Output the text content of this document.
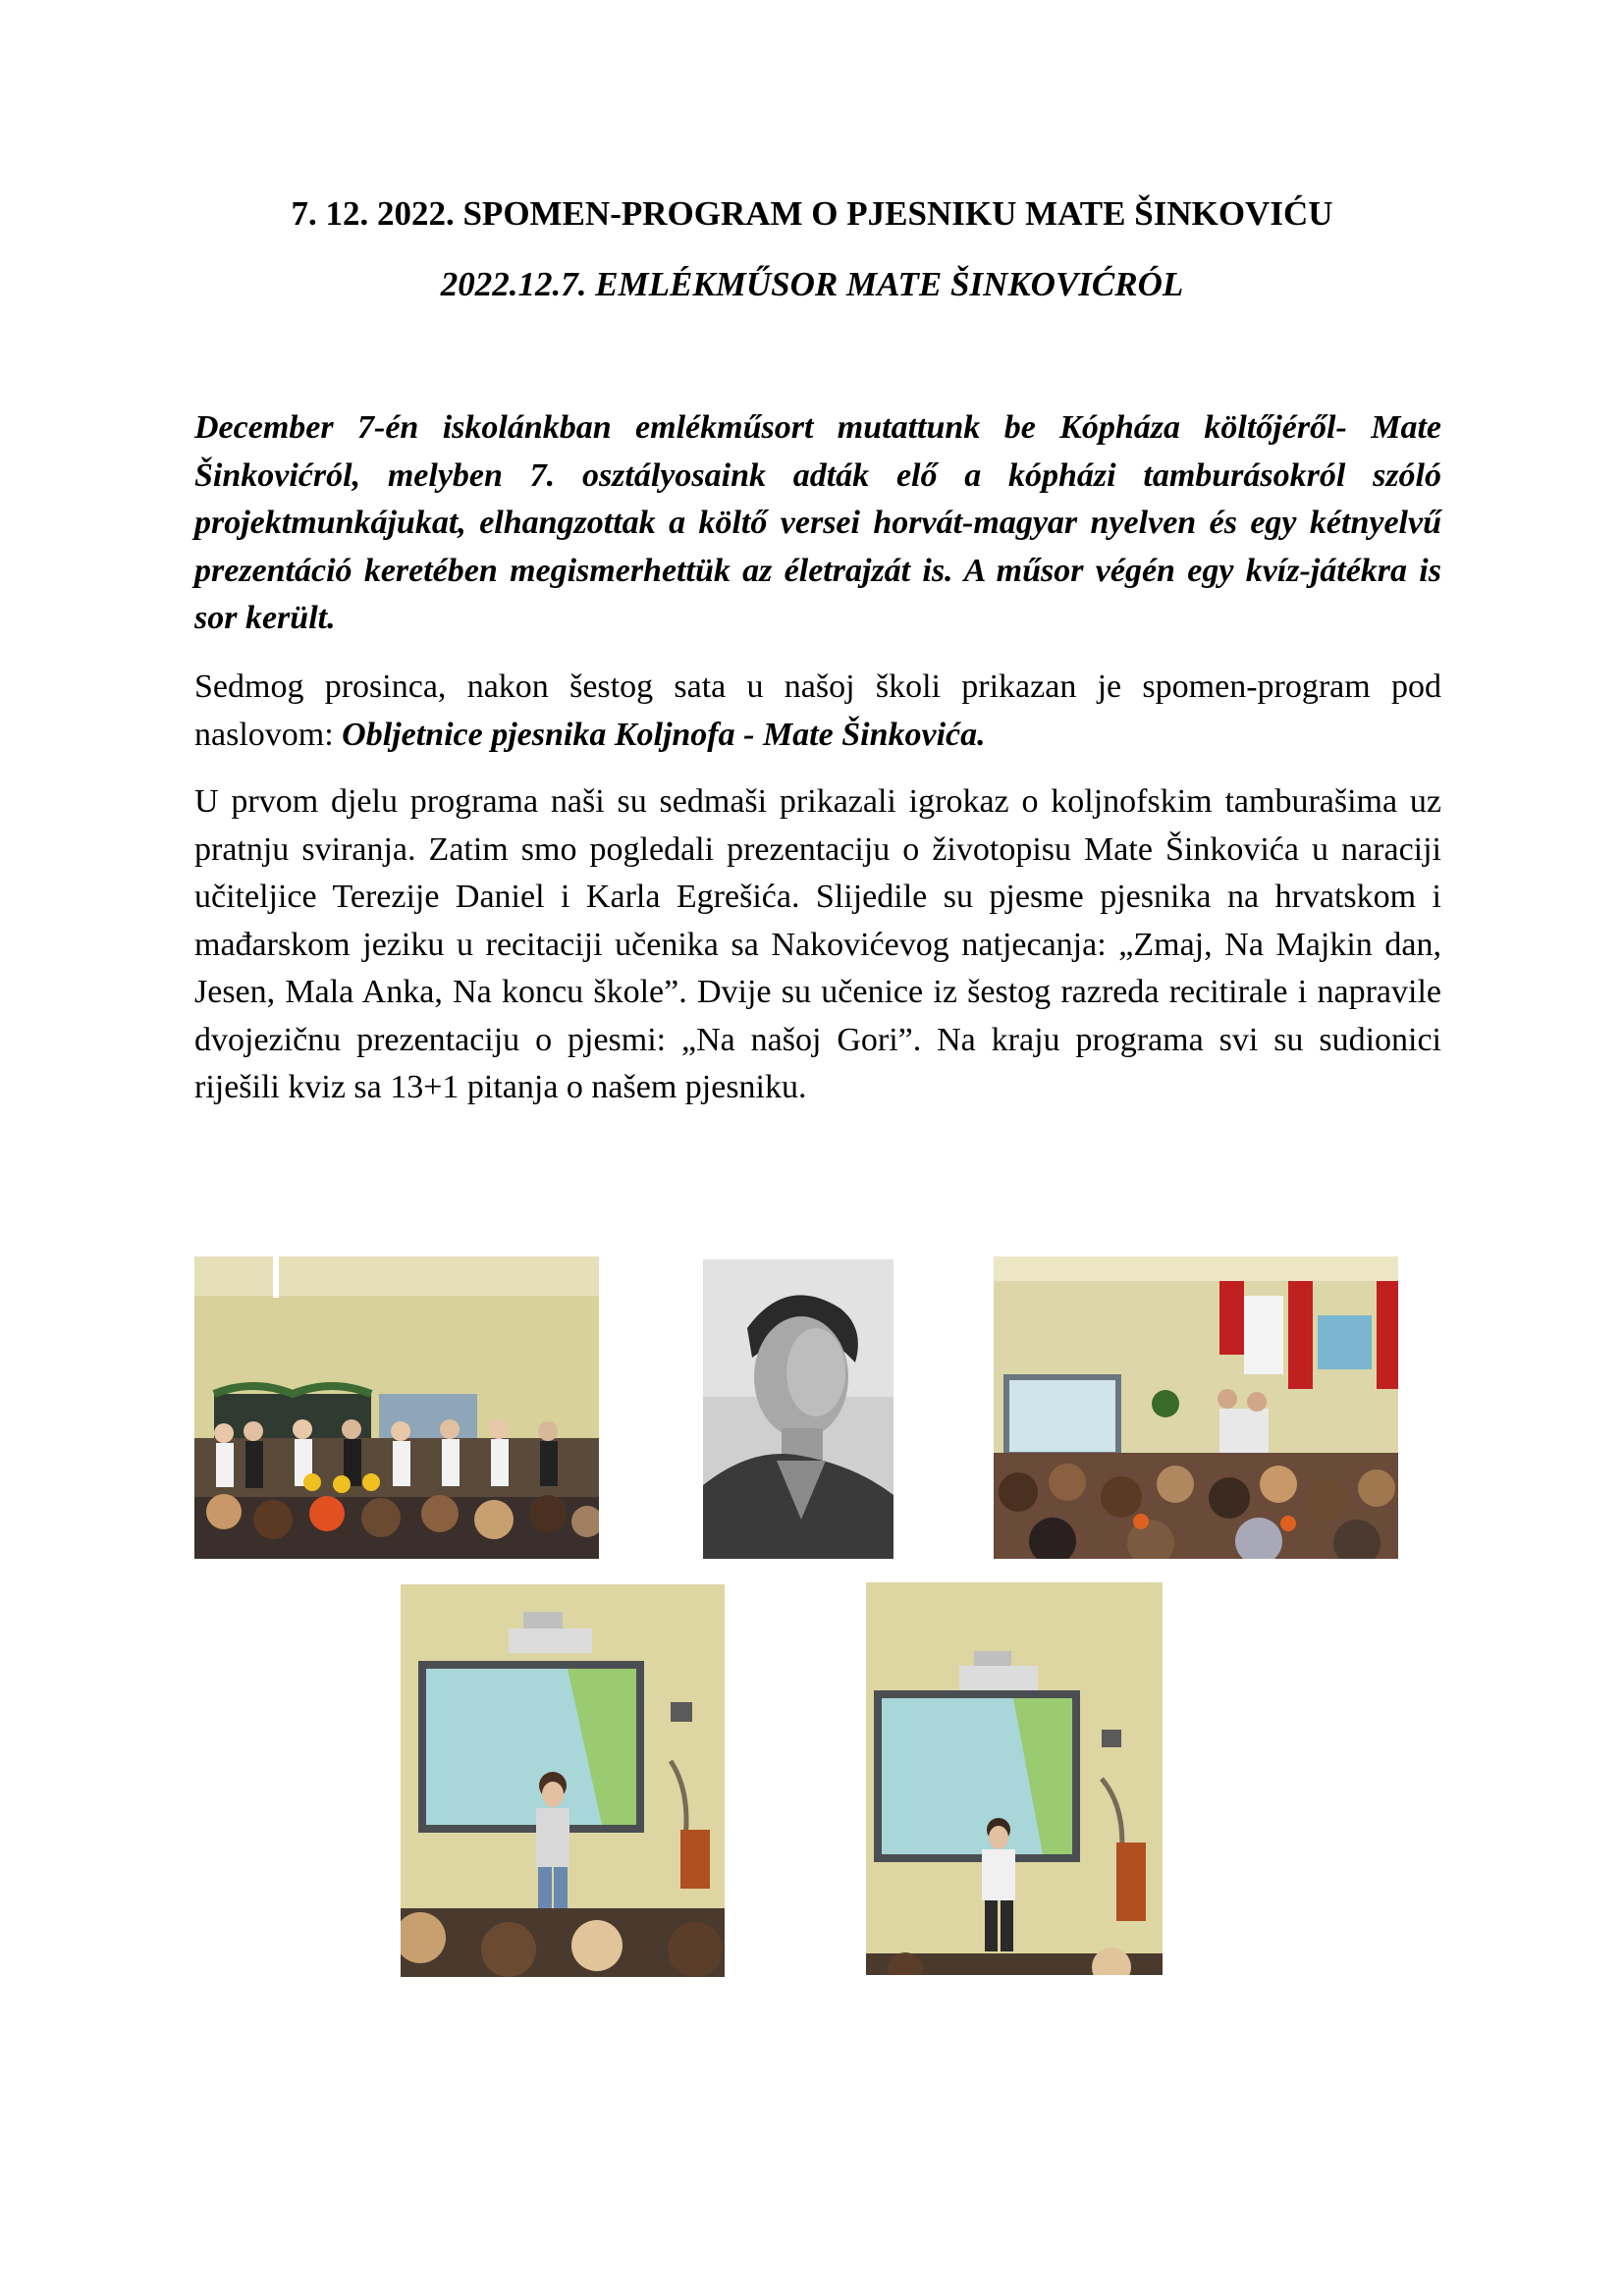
7. 12. 2022. SPOMEN-PROGRAM O PJESNIKU MATE ŠINKOVIĆU
2022.12.7. EMLÉKMŰSOR MATE ŠINKOVIĆRÓL
December 7-én iskolánkban emlékműsort mutattunk be Kópháza költőjéről- Mate Šinkovićról, melyben 7. osztályosaink adták elő a kópházi tamburásokról szóló projektmunkájukat, elhangzottak a költő versei horvát-magyar nyelven és egy kétnyelvű prezentáció keretében megismerhettük az életrajzát is. A műsor végén egy kvíz-játékra is sor került.
Sedmog prosinca, nakon šestog sata u našoj školi prikazan je spomen-program pod naslovom: Obljetnice pjesnika Koljnofa - Mate Šinkovića.
U prvom djelu programa naši su sedmaši prikazali igrokaz o koljnofskim tamburašima uz pratnju sviranja. Zatim smo pogledali prezentaciju o životopisu Mate Šinkovića u naraciji učiteljice Terezije Daniel i Karla Egrešića. Slijedile su pjesme pjesnika na hrvatskom i mađarskom jeziku u recitaciji učenika sa Nakovićevog natjecanja: „Zmaj, Na Majkin dan, Jesen, Mala Anka, Na koncu škole”. Dvije su učenice iz šestog razreda recitirale i napravile dvojezičnu prezentaciju o pjesmi: „Na našoj Gori”. Na kraju programa svi su sudionici riješili kviz sa 13+1 pitanja o našem pjesniku.
